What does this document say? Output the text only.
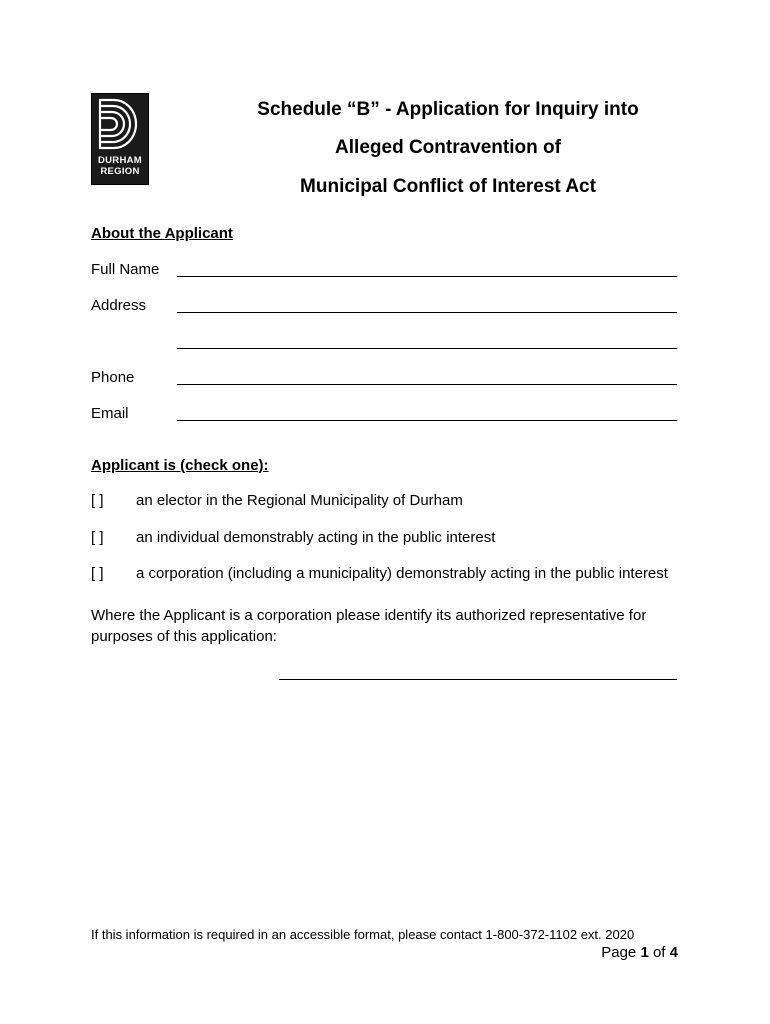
DURHAM
REGION
Schedule “B” - Application for Inquiry into
Alleged Contravention of
Municipal Conflict of Interest Act
About the Applicant
Full Name
Address
Phone
Email
Applicant is (check one):
[ ] an elector in the Regional Municipality of Durham
[ ] an individual demonstrably acting in the public interest
[ ] a corporation (including a municipality) demonstrably acting in the public interest
Where the Applicant is a corporation please identify its authorized representative for purposes of this application:
If this information is required in an accessible format, please contact 1-800-372-1102 ext. 2020
Page 1 of 4
